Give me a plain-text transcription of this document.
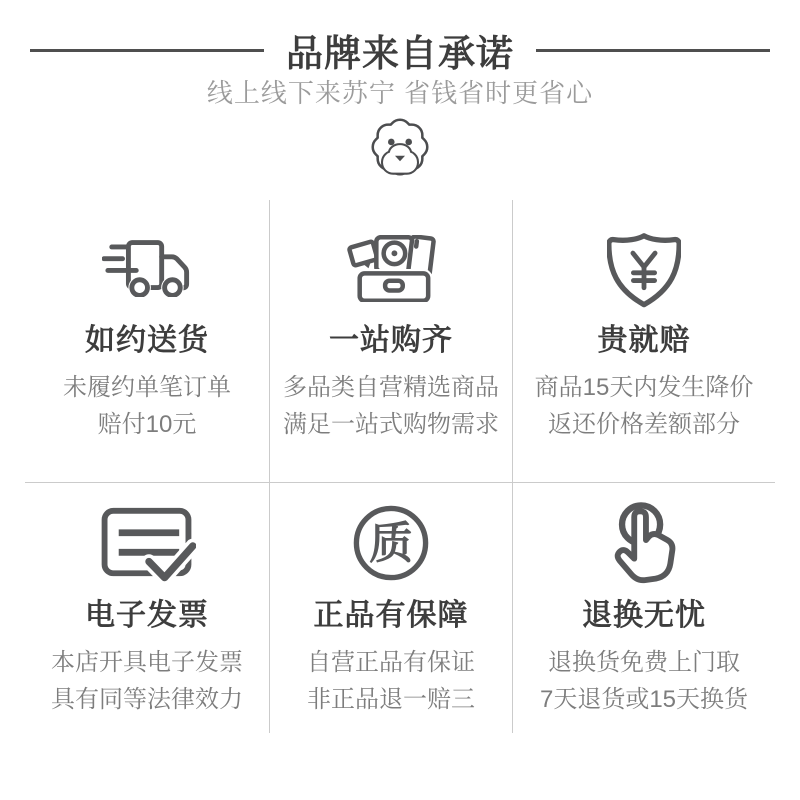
品牌来自承诺
线上线下来苏宁 省钱省时更省心
如约送货
未履约单笔订单
赔付10元
一站购齐
多品类自营精选商品
满足一站式购物需求
贵就赔
商品15天内发生降价
返还价格差额部分
电子发票
本店开具电子发票
具有同等法律效力
质
正品有保障
自营正品有保证
非正品退一赔三
退换无忧
退换货免费上门取
7天退货或15天换货
